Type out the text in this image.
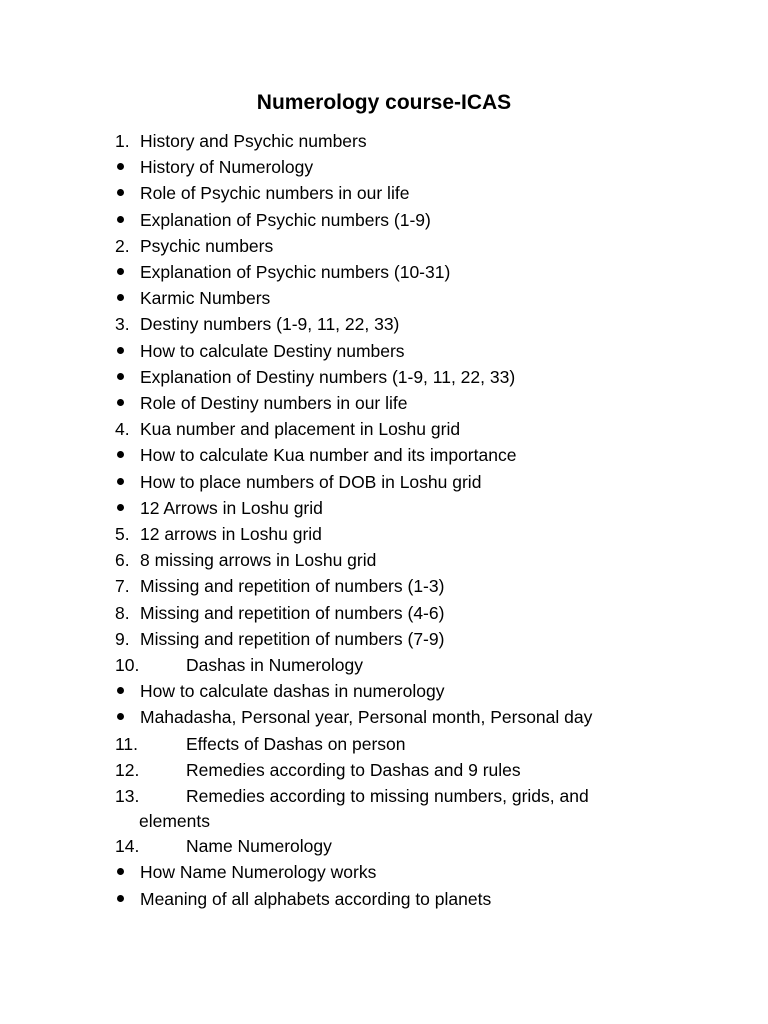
Numerology course-ICAS
1. History and Psychic numbers
History of Numerology
Role of Psychic numbers in our life
Explanation of Psychic numbers (1-9)
2. Psychic numbers
Explanation of Psychic numbers (10-31)
Karmic Numbers
3. Destiny numbers (1-9, 11, 22, 33)
How to calculate Destiny numbers
Explanation of Destiny numbers (1-9, 11, 22, 33)
Role of Destiny numbers in our life
4. Kua number and placement in Loshu grid
How to calculate Kua number and its importance
How to place numbers of DOB in Loshu grid
12 Arrows in Loshu grid
5. 12 arrows in Loshu grid
6. 8 missing arrows in Loshu grid
7. Missing and repetition of numbers (1-3)
8. Missing and repetition of numbers (4-6)
9. Missing and repetition of numbers (7-9)
10.	Dashas in Numerology
How to calculate dashas in numerology
Mahadasha, Personal year, Personal month, Personal day
11.	Effects of Dashas on person
12.	Remedies according to Dashas and 9 rules
13.	Remedies according to missing numbers, grids, and
elements
14.	Name Numerology
How Name Numerology works
Meaning of all alphabets according to planets
